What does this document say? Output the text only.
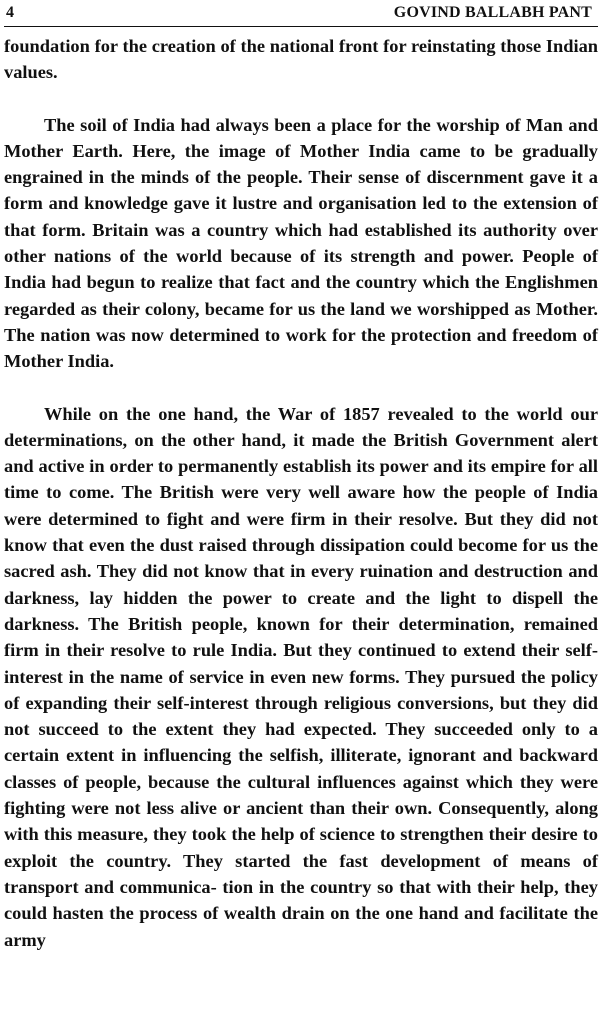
4	GOVIND BALLABH PANT

foundation for the creation of the national front for reinstating those Indian values.

The soil of India had always been a place for the worship of Man and Mother Earth. Here, the image of Mother India came to be gradually engrained in the minds of the people. Their sense of discernment gave it a form and knowledge gave it lustre and organisation led to the extension of that form. Britain was a country which had established its authority over other nations of the world because of its strength and power. People of India had begun to realize that fact and the country which the Englishmen regarded as their colony, became for us the land we worshipped as Mother. The nation was now determined to work for the protection and freedom of Mother India.

While on the one hand, the War of 1857 revealed to the world our determinations, on the other hand, it made the British Government alert and active in order to permanently establish its power and its empire for all time to come. The British were very well aware how the people of India were determined to fight and were firm in their resolve. But they did not know that even the dust raised through dissipation could become for us the sacred ash. They did not know that in every ruination and destruction and darkness, lay hidden the power to create and the light to dispell the darkness. The British people, known for their determination, remained firm in their resolve to rule India. But they continued to extend their self-interest in the name of service in even new forms. They pursued the policy of expanding their self-interest through religious conversions, but they did not succeed to the extent they had expected. They succeeded only to a certain extent in influencing the selfish, illiterate, ignorant and backward classes of people, because the cultural influences against which they were fighting were not less alive or ancient than their own. Consequently, along with this measure, they took the help of science to strengthen their desire to exploit the country. They started the fast development of means of transport and communica- tion in the country so that with their help, they could hasten the process of wealth drain on the one hand and facilitate the army
